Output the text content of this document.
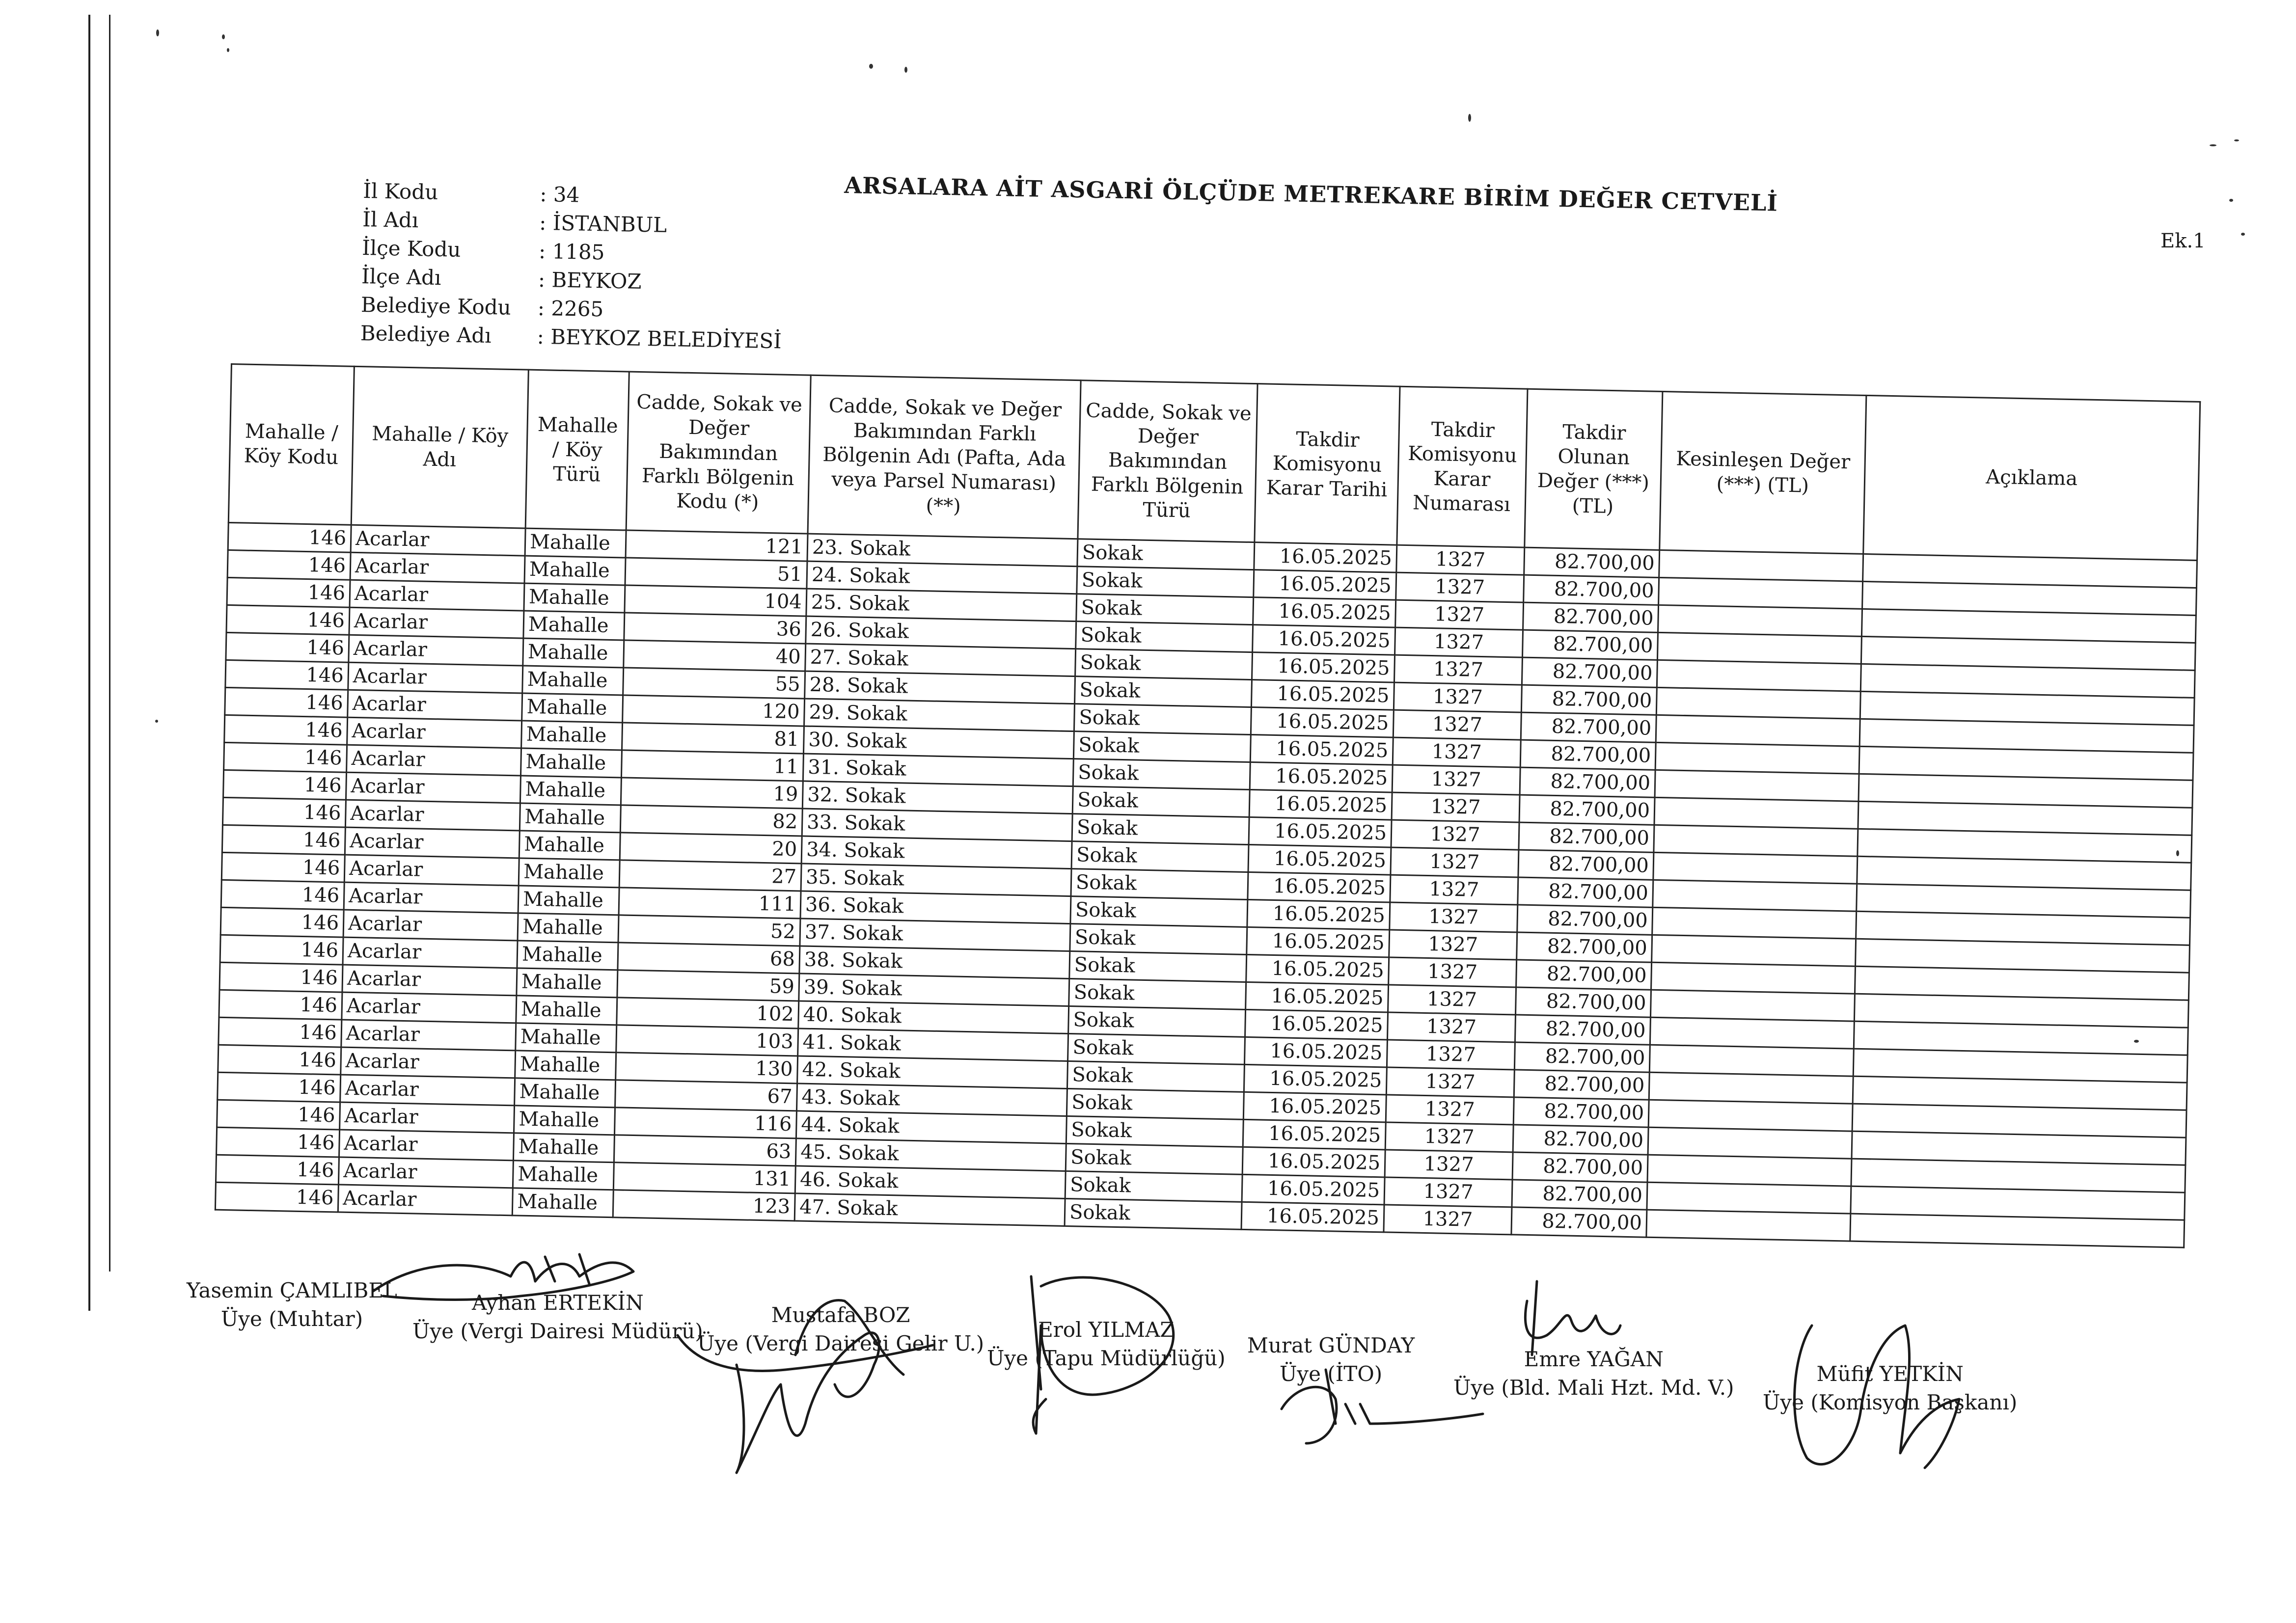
İl Kodu	: 34
İl Adı	: İSTANBUL
İlçe Kodu	: 1185
İlçe Adı	: BEYKOZ
Belediye Kodu	: 2265
Belediye Adı	: BEYKOZ BELEDİYESİ
ARSALARA AİT ASGARİ ÖLÇÜDE METREKARE BİRİM DEĞER CETVELİ
Ek.1
Mahalle / Köy Kodu	Mahalle / Köy Adı	Mahalle / Köy Türü	Cadde, Sokak ve Değer Bakımından Farklı Bölgenin Kodu (*)	Cadde, Sokak ve Değer Bakımından Farklı Bölgenin Adı (Pafta, Ada veya Parsel Numarası) (**)	Cadde, Sokak ve Değer Bakımından Farklı Bölgenin Türü	Takdir Komisyonu Karar Tarihi	Takdir Komisyonu Karar Numarası	Takdir Olunan Değer (***) (TL)	Kesinleşen Değer (***) (TL)	Açıklama
146	Acarlar	Mahalle	121	23. Sokak	Sokak	16.05.2025	1327	82.700,00		
146	Acarlar	Mahalle	51	24. Sokak	Sokak	16.05.2025	1327	82.700,00		
146	Acarlar	Mahalle	104	25. Sokak	Sokak	16.05.2025	1327	82.700,00		
146	Acarlar	Mahalle	36	26. Sokak	Sokak	16.05.2025	1327	82.700,00		
146	Acarlar	Mahalle	40	27. Sokak	Sokak	16.05.2025	1327	82.700,00		
146	Acarlar	Mahalle	55	28. Sokak	Sokak	16.05.2025	1327	82.700,00		
146	Acarlar	Mahalle	120	29. Sokak	Sokak	16.05.2025	1327	82.700,00		
146	Acarlar	Mahalle	81	30. Sokak	Sokak	16.05.2025	1327	82.700,00		
146	Acarlar	Mahalle	11	31. Sokak	Sokak	16.05.2025	1327	82.700,00		
146	Acarlar	Mahalle	19	32. Sokak	Sokak	16.05.2025	1327	82.700,00		
146	Acarlar	Mahalle	82	33. Sokak	Sokak	16.05.2025	1327	82.700,00		
146	Acarlar	Mahalle	20	34. Sokak	Sokak	16.05.2025	1327	82.700,00		
146	Acarlar	Mahalle	27	35. Sokak	Sokak	16.05.2025	1327	82.700,00		
146	Acarlar	Mahalle	111	36. Sokak	Sokak	16.05.2025	1327	82.700,00		
146	Acarlar	Mahalle	52	37. Sokak	Sokak	16.05.2025	1327	82.700,00		
146	Acarlar	Mahalle	68	38. Sokak	Sokak	16.05.2025	1327	82.700,00		
146	Acarlar	Mahalle	59	39. Sokak	Sokak	16.05.2025	1327	82.700,00		
146	Acarlar	Mahalle	102	40. Sokak	Sokak	16.05.2025	1327	82.700,00		
146	Acarlar	Mahalle	103	41. Sokak	Sokak	16.05.2025	1327	82.700,00		
146	Acarlar	Mahalle	130	42. Sokak	Sokak	16.05.2025	1327	82.700,00		
146	Acarlar	Mahalle	67	43. Sokak	Sokak	16.05.2025	1327	82.700,00		
146	Acarlar	Mahalle	116	44. Sokak	Sokak	16.05.2025	1327	82.700,00		
146	Acarlar	Mahalle	63	45. Sokak	Sokak	16.05.2025	1327	82.700,00		
146	Acarlar	Mahalle	131	46. Sokak	Sokak	16.05.2025	1327	82.700,00		
146	Acarlar	Mahalle	123	47. Sokak	Sokak	16.05.2025	1327	82.700,00		
Yasemin ÇAMLIBEL
Üye (Muhtar)
Ayhan ERTEKİN
Üye (Vergi Dairesi Müdürü)
Mustafa BOZ
Üye (Vergi Dairesi Gelir U.)
Erol YILMAZ
Üye (Tapu Müdürlüğü)
Murat GÜNDAY
Üye (İTO)
Emre YAĞAN
Üye (Bld. Mali Hzt. Md. V.)
Müfit YETKİN
Üye (Komisyon Başkanı)
